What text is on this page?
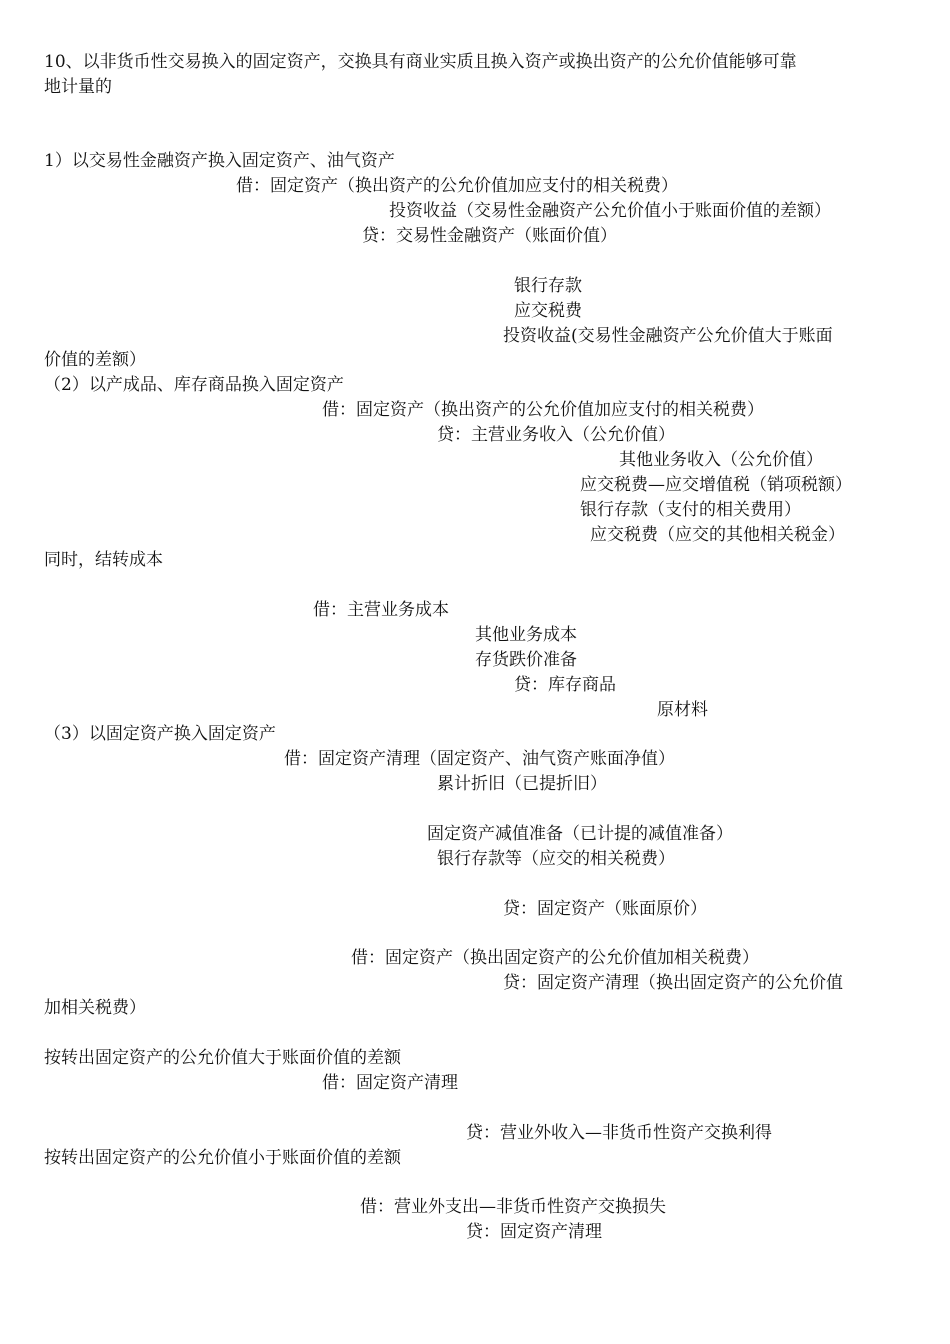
10、以非货币性交易换入的固定资产，交换具有商业实质且换入资产或换出资产的公允价值能够可靠
地计量的
1）以交易性金融资产换入固定资产、油气资产
借：固定资产（换出资产的公允价值加应支付的相关税费）
投资收益（交易性金融资产公允价值小于账面价值的差额）
贷：交易性金融资产（账面价值）
银行存款
应交税费
投资收益(交易性金融资产公允价值大于账面
价值的差额）
（2）以产成品、库存商品换入固定资产
借：固定资产（换出资产的公允价值加应支付的相关税费）
贷：主营业务收入（公允价值）
其他业务收入（公允价值）
应交税费—应交增值税（销项税额）
银行存款（支付的相关费用）
应交税费（应交的其他相关税金）
同时，结转成本
借：主营业务成本
其他业务成本
存货跌价准备
贷：库存商品
原材料
（3）以固定资产换入固定资产
借：固定资产清理（固定资产、油气资产账面净值）
累计折旧（已提折旧）
固定资产减值准备（已计提的减值准备）
银行存款等（应交的相关税费）
贷：固定资产（账面原价）
借：固定资产（换出固定资产的公允价值加相关税费）
贷：固定资产清理（换出固定资产的公允价值
加相关税费）
按转出固定资产的公允价值大于账面价值的差额
借：固定资产清理
贷：营业外收入—非货币性资产交换利得
按转出固定资产的公允价值小于账面价值的差额
借：营业外支出—非货币性资产交换损失
贷：固定资产清理
